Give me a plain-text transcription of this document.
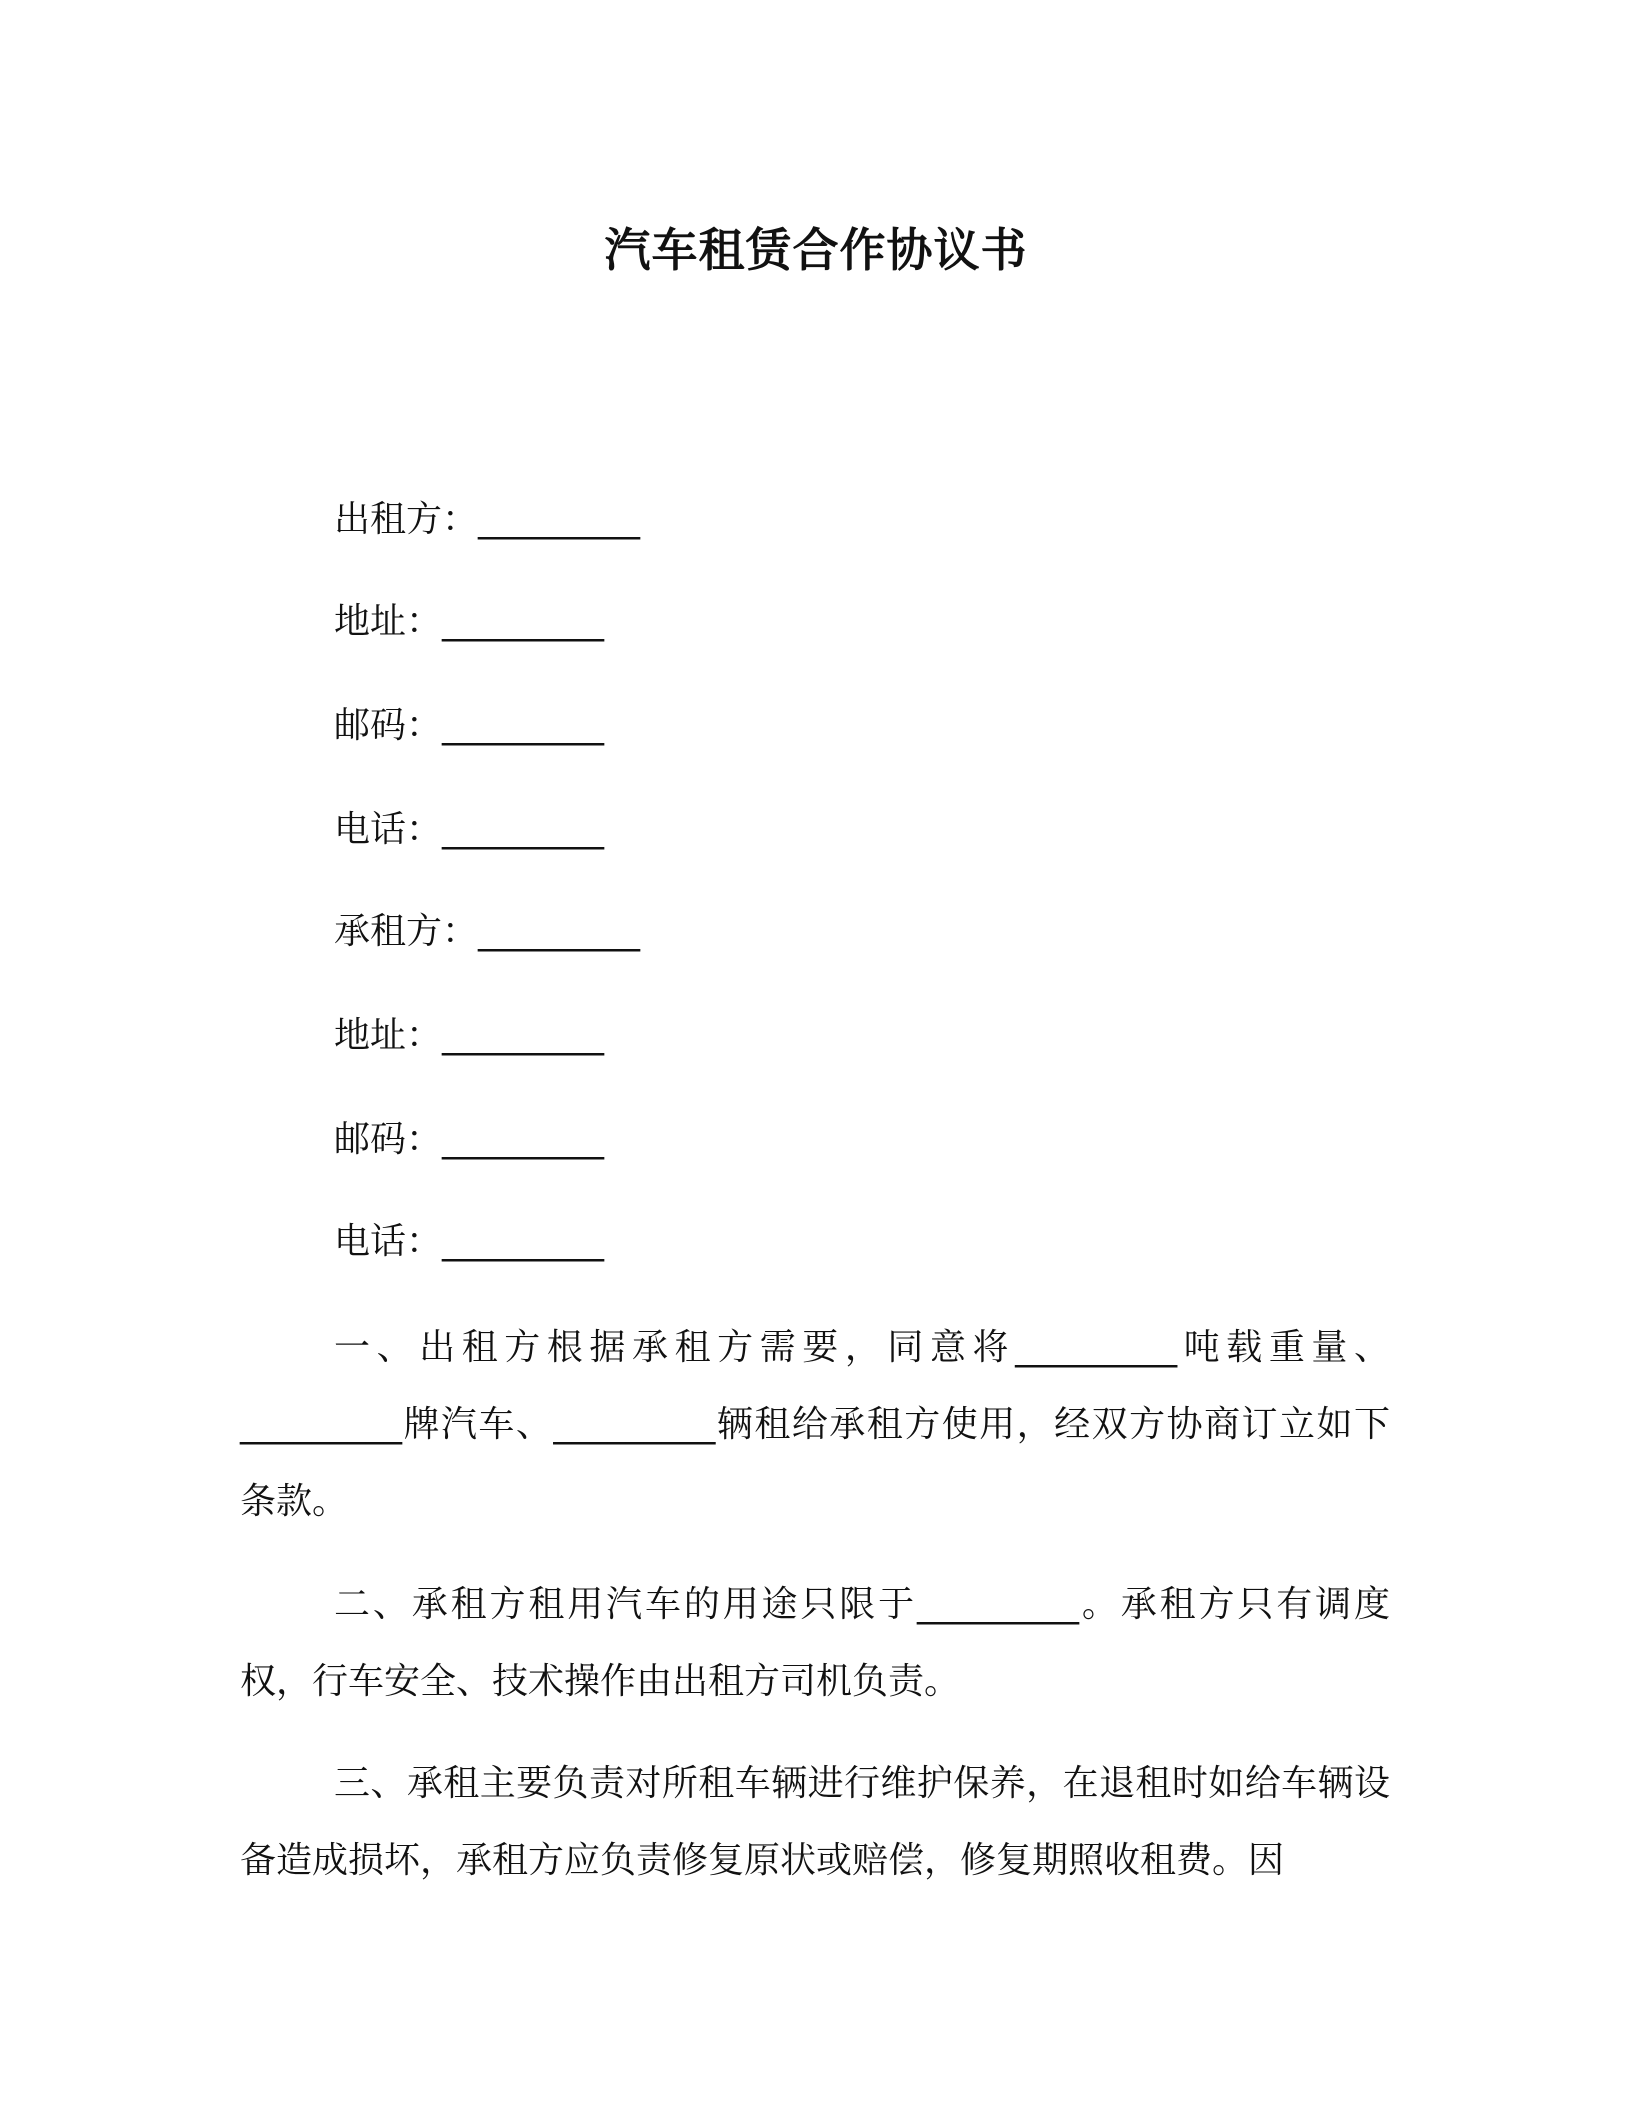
汽车租赁合作协议书
出租方：_________
地址：_________
邮码：_________
电话：_________
承租方：_________
地址：_________
邮码：_________
电话：_________
一、出租方根据承租方需要，同意将_________吨载重量、_________牌汽车、_________辆租给承租方使用，经双方协商订立如下条款。
二、承租方租用汽车的用途只限于_________。承租方只有调度权，行车安全、技术操作由出租方司机负责。
三、承租主要负责对所租车辆进行维护保养，在退租时如给车辆设备造成损坏，承租方应负责修复原状或赔偿，修复期照收租费。因
